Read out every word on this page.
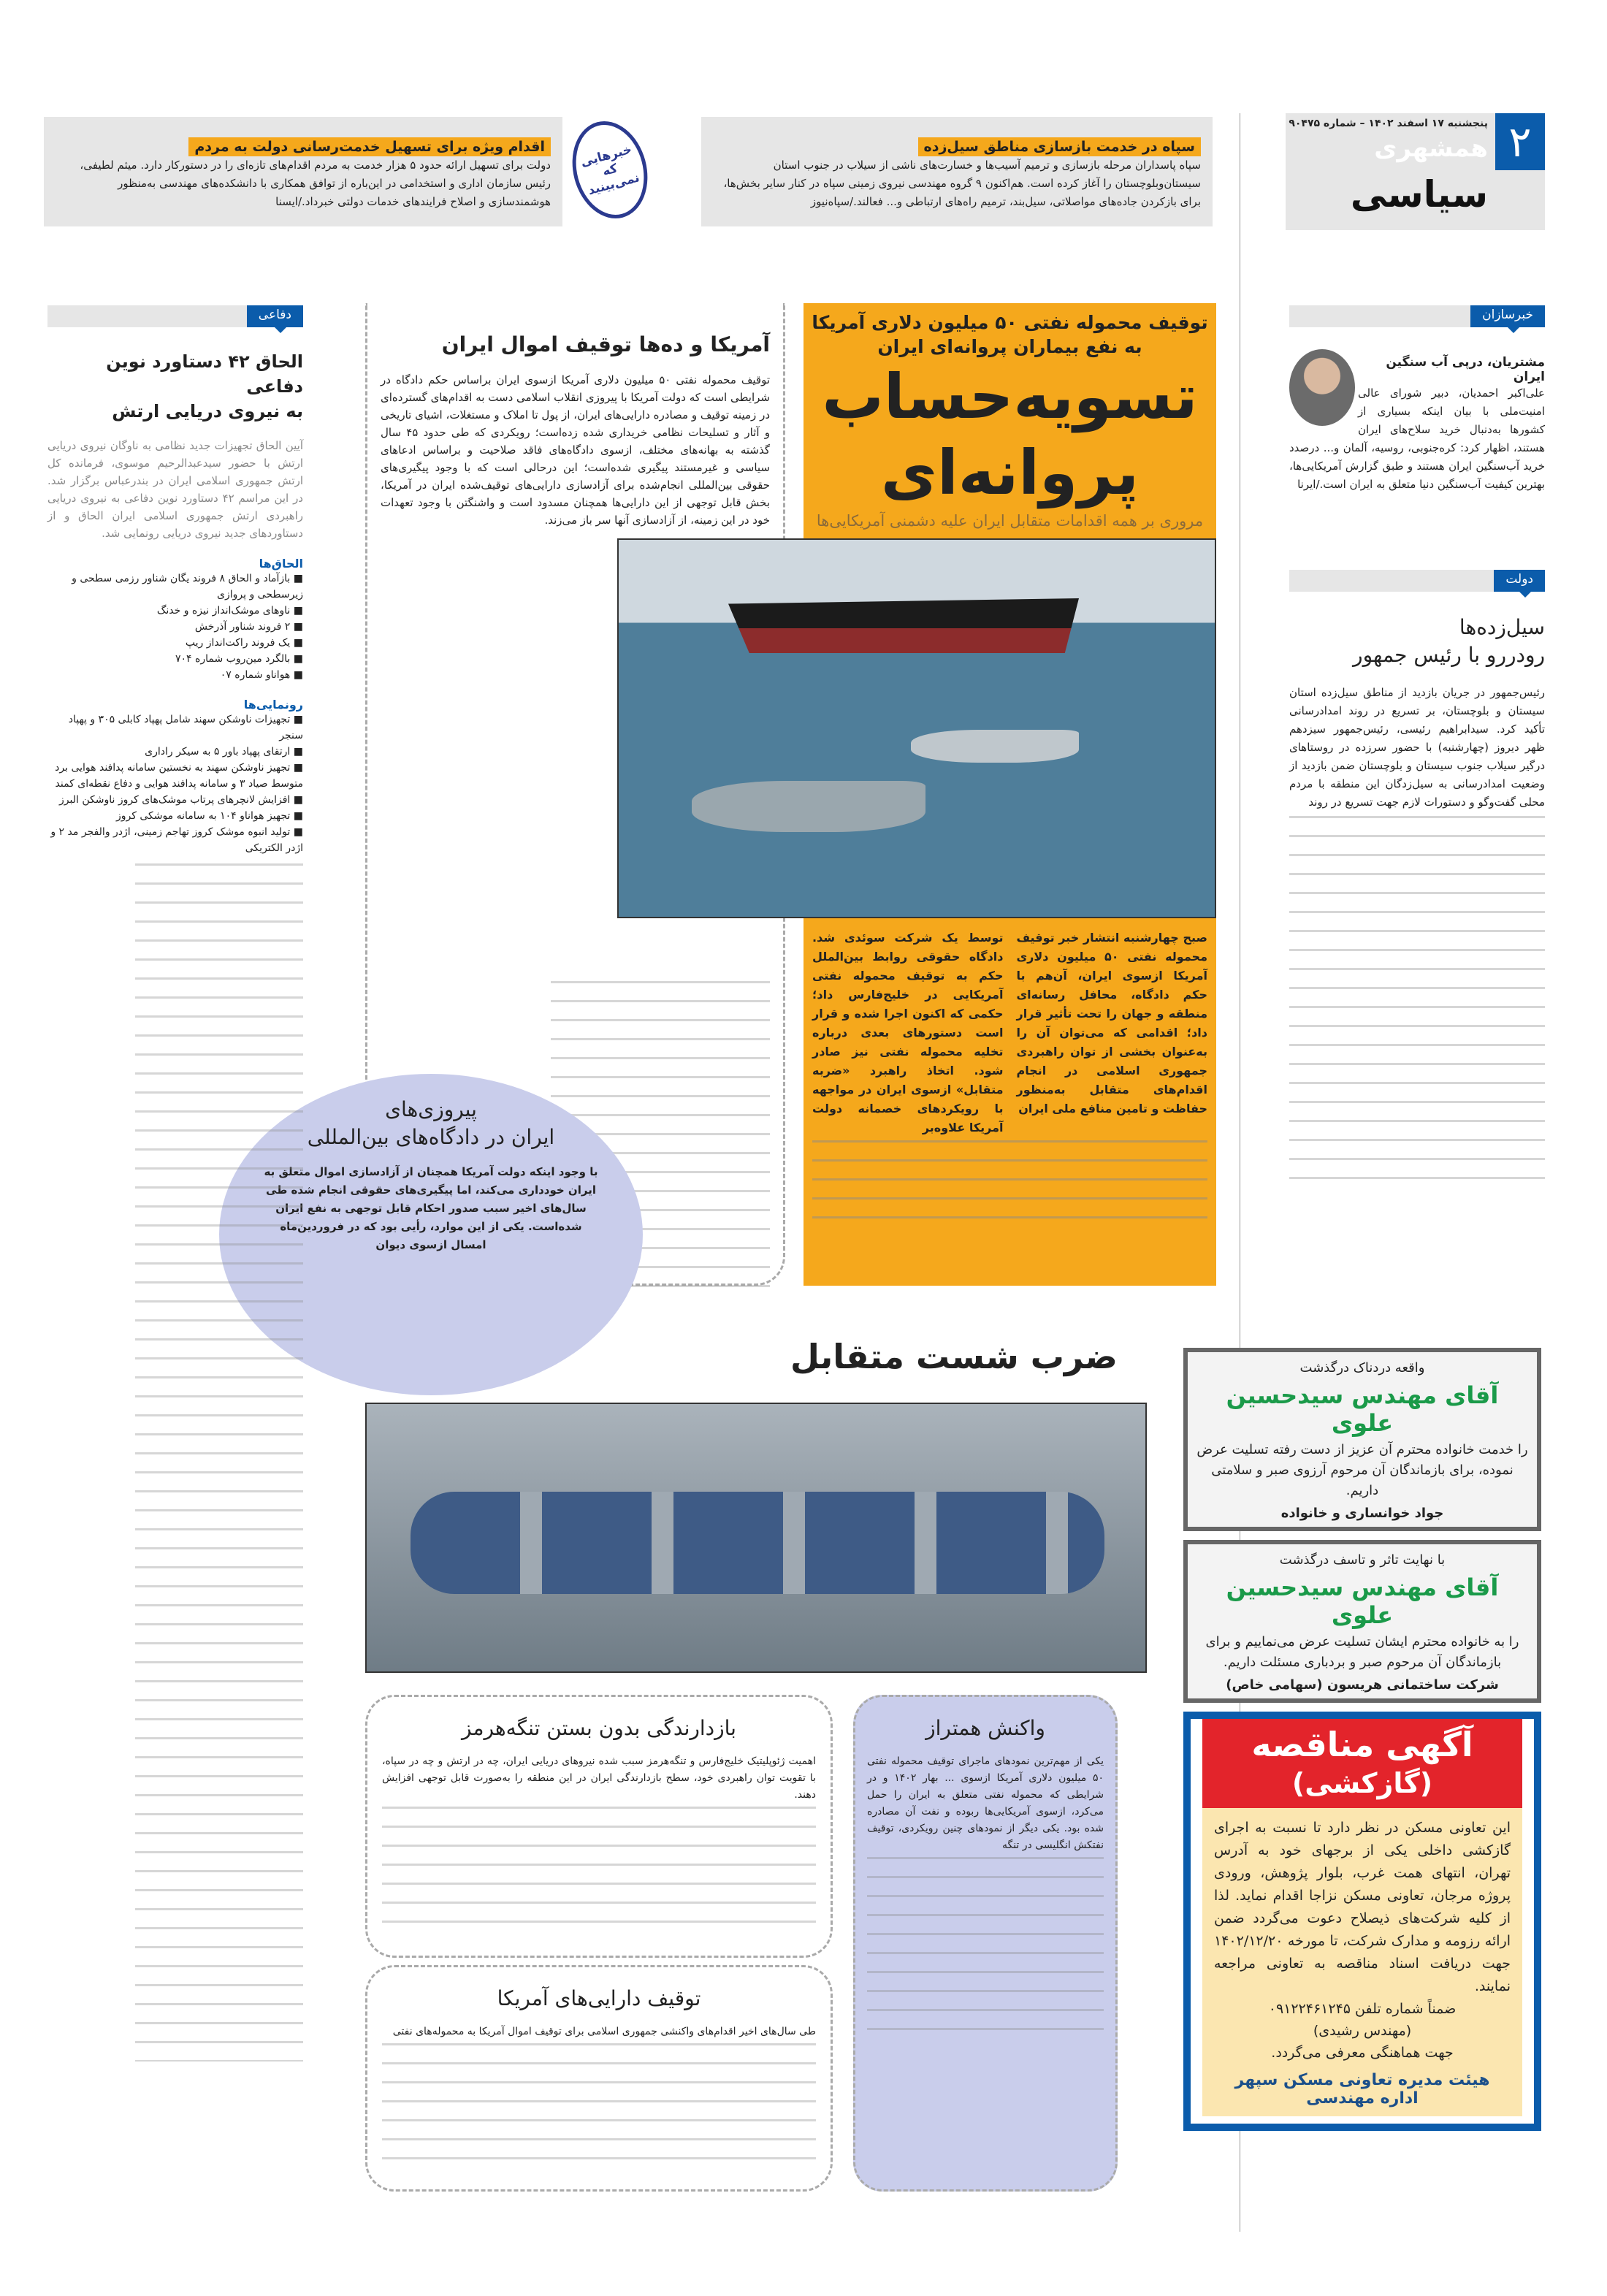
۲
پنجشنبه ۱۷ اسفند ۱۴۰۲ – شماره ۹۰۴۷۵
همشهری
سیاسی
سپاه در خدمت بازسازی مناطق سیل‌زده
سپاه پاسداران مرحله بازسازی و ترمیم آسیب‌ها و خسارت‌های ناشی از سیلاب در جنوب استان سیستان‌وبلوچستان را آغاز کرده است. هم‌اکنون ۹ گروه مهندسی نیروی زمینی سپاه در کنار سایر بخش‌ها، برای بازکردن جاده‌های مواصلاتی، سیل‌بند، ترمیم راه‌های ارتباطی و... فعالند./سپاه‌نیوز
خبرهایی که نمی‌بینید
اقدام ویژه برای تسهیل خدمت‌رسانی دولت به مردم
دولت برای تسهیل ارائه حدود ۵ هزار خدمت به مردم اقدام‌های تازه‌ای را در دستورکار دارد. میثم لطیفی، رئیس سازمان اداری و استخدامی در این‌باره از توافق همکاری با دانشکده‌های مهندسی به‌منظور هوشمندسازی و اصلاح فرایندهای خدمات دولتی خبرداد./ایسنا
خبرسازان
مشتریان، درپی آب سنگین ایران
علی‌اکبر احمدیان، دبیر شورای عالی امنیت‌ملی با بیان اینکه بسیاری از کشورها به‌دنبال خرید سلاح‌های ایران هستند، اظهار کرد: کره‌جنوبی، روسیه، آلمان و... درصدد خرید آب‌سنگین ایران هستند و طبق گزارش آمریکایی‌ها، بهترین کیفیت آب‌سنگین دنیا متعلق به ایران است./ایرنا
دولت
سیل‌زده‌ها
رودررو با رئیس جمهور
رئیس‌جمهور در جریان بازدید از مناطق سیل‌زده استان سیستان و بلوچستان، بر تسریع در روند امدادرسانی تأکید کرد. سیدابراهیم رئیسی، رئیس‌جمهور سیزدهم ظهر دیروز (چهارشنبه) با حضور سرزده در روستاهای درگیر سیلاب جنوب سیستان و بلوچستان ضمن بازدید از وضعیت امدادرسانی به سیل‌زدگان این منطقه با مردم محلی گفت‌وگو و دستورات لازم جهت تسریع در روند
آمریکا و ده‌ها توقیف اموال ایران
توقیف محموله نفتی ۵۰ میلیون دلاری آمریکا ازسوی ایران براساس حکم دادگاه در شرایطی است که دولت آمریکا با پیروزی انقلاب اسلامی دست به اقدام‌های گسترده‌ای در زمینه توقیف و مصادره دارایی‌های ایران، از پول تا املاک و مستغلات، اشیای تاریخی و آثار و تسلیحات نظامی خریداری شده زده‌است؛ رویکردی که طی حدود ۴۵ سال گذشته به بهانه‌های مختلف، ازسوی دادگاه‌های فاقد صلاحیت و براساس ادعاهای سیاسی و غیرمستند پیگیری شده‌است؛ این درحالی است که با وجود پیگیری‌های حقوقی بین‌المللی انجام‌شده برای آزادسازی دارایی‌های توقیف‌شده ایران در آمریکا، بخش قابل توجهی از این دارایی‌ها همچنان مسدود است و واشنگتن با وجود تعهدات خود در این زمینه، از آزادسازی آنها سر باز می‌زند.
توقیف محموله نفتی ۵۰ میلیون دلاری آمریکا
به نفع بیماران پروانه‌ای ایران
تسویه‌حساب
پروانه‌ای
مروری بر همه اقدامات متقابل ایران علیه دشمنی آمریکایی‌ها
صبح چهارشنبه انتشار خبر توقیف محموله نفتی ۵۰ میلیون دلاری آمریکا ازسوی ایران، آن‌هم با حکم دادگاه، محافل رسانه‌ای منطقه و جهان را تحت تأثیر قرار داد؛ اقدامی که می‌توان آن را به‌عنوان بخشی از توان راهبردی جمهوری اسلامی در انجام اقدام‌های متقابل به‌منظور حفاظت و تامین منافع ملی ایران
توسط یک شرکت سوئدی شد. دادگاه حقوقی روابط بین‌الملل حکم به توقیف محموله نفتی آمریکایی در خلیج‌فارس داد؛ حکمی که اکنون اجرا شده و قرار است دستورهای بعدی درباره تخلیه محموله نفتی نیز صادر شود. اتخاذ راهبرد «ضربه متقابل» ازسوی ایران در مواجهه با رویکردهای خصمانه دولت آمریکا علاوه‌بر
پیروزی‌های
ایران در دادگاه‌های بین‌المللی
با وجود اینکه دولت آمریکا همچنان از آزادسازی اموال متعلق به ایران خودداری می‌کند، اما پیگیری‌های حقوقی انجام شده طی سال‌های اخیر سبب صدور احکام قابل توجهی به نفع ایران شده‌است. یکی از این موارد، رأیی بود که در فروردین‌ماه امسال ازسوی دیوان
دفاعی
الحاق ۴۲ دستاورد نوین دفاعی
به نیروی دریایی ارتش
آیین الحاق تجهیزات جدید نظامی به ناوگان نیروی دریایی ارتش با حضور سیدعبدالرحیم موسوی، فرمانده کل ارتش جمهوری اسلامی ایران در بندرعباس برگزار شد. در این مراسم ۴۲ دستاورد نوین دفاعی به نیروی دریایی راهبردی ارتش جمهوری اسلامی ایران الحاق و از دستاوردهای جدید نیروی دریایی رونمایی شد.
الحاق‌ها
■ بازآماد و الحاق ۸ فروند یگان شناور رزمی سطحی و زیرسطحی و پروازی
■ ناوهای موشک‌انداز نیزه و خدنگ
■ ۲ فروند شناور آذرخش
■ یک فروند راکت‌انداز ریپ
■ بالگرد مین‌روب شماره ۷۰۴
■ هواناو شماره ۰۷
رونمایی‌ها
■ تجهیزات ناوشکن سهند شامل پهپاد کابلی ۳۰۵ و پهپاد سنجر
■ ارتقای پهپاد باور ۵ به سیکر راداری
■ تجهیز ناوشکن سهند به نخستین سامانه پدافند هوایی برد متوسط صیاد ۳ و سامانه پدافند هوایی و دفاع نقطه‌ای کمند
■ افزایش لانچرهای پرتاب موشک‌های کروز ناوشکن البرز
■ تجهیز هواناو ۱۰۴ به سامانه موشکی کروز
■ تولید انبوه موشک کروز تهاجم زمینی، اژدر والفجر مد ۲ و اژدر الکتریکی
ضرب شست متقابل
بازدارندگی بدون بستن تنگه‌هرمز
اهمیت ژئوپلیتیک خلیج‌فارس و تنگه‌هرمز سبب شده نیروهای دریایی ایران، چه در ارتش و چه در سپاه، با تقویت توان راهبردی خود، سطح بازدارندگی ایران در این منطقه را به‌صورت قابل توجهی افزایش دهند.
واکنش همتراز
یکی از مهم‌ترین نمودهای ماجرای توقیف محموله نفتی ۵۰ میلیون دلاری آمریکا ازسوی ... بهار ۱۴۰۲ و در شرایطی که محموله نفتی متعلق به ایران را حمل می‌کرد، ازسوی آمریکایی‌ها ربوده و نفت آن مصادره شده بود. یکی دیگر از نمودهای چنین رویکردی، توقیف نفتکش انگلیسی در تنگه
توقیف دارایی‌های آمریکا
طی سال‌های اخیر اقدام‌های واکنشی جمهوری اسلامی برای توقیف اموال آمریکا به محموله‌های نفتی

واقعه دردناک درگذشت

آقای مهندس سیدحسین علوی

را خدمت خانواده محترم آن عزیز از دست رفته تسلیت عرض نموده، برای بازماندگان آن مرحوم آرزوی صبر و سلامتی داریم.

جواد خوانساری و خانواده

با نهایت تاثر و تاسف درگذشت

آقای مهندس سیدحسین علوی

را به خانواده محترم ایشان تسلیت عرض می‌نماییم و برای بازماندگان آن مرحوم صبر و بردباری مسئلت داریم.

شرکت ساختمانی هریسون (سهامی خاص)
آگهی مناقصه
(گازکشی)

این تعاونی مسکن در نظر دارد تا نسبت به اجرای گازکشی داخلی یکی از برجهای خود به آدرس تهران، انتهای همت غرب، بلوار پژوهش، ورودی پروژه مرجان، تعاونی مسکن نزاجا اقدام نماید. لذا از کلیه شرکت‌های ذیصلاح دعوت می‌گردد ضمن ارائه رزومه و مدارک شرکت، تا مورخه ۱۴۰۲/۱۲/۲۰ جهت دریافت اسناد مناقصه به تعاونی مراجعه نمایند.

ضمناً شماره تلفن ۰۹۱۲۲۴۶۱۲۴۵

(مهندس رشیدی)

جهت هماهنگی معرفی می‌گردد.

هیئت مدیره تعاونی مسکن سپهر

اداره مهندسی
